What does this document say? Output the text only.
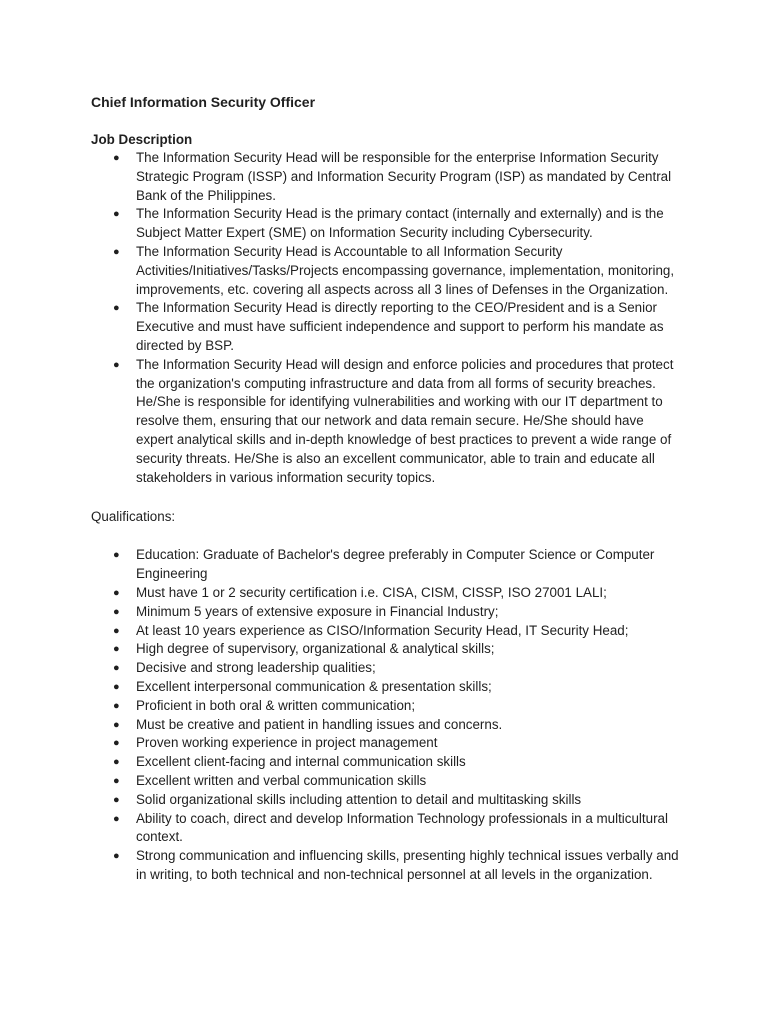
Chief Information Security Officer
Job Description
● The Information Security Head will be responsible for the enterprise Information Security Strategic Program (ISSP) and Information Security Program (ISP) as mandated by Central Bank of the Philippines.
● The Information Security Head is the primary contact (internally and externally) and is the Subject Matter Expert (SME) on Information Security including Cybersecurity.
● The Information Security Head is Accountable to all Information Security Activities/Initiatives/Tasks/Projects encompassing governance, implementation, monitoring, improvements, etc. covering all aspects across all 3 lines of Defenses in the Organization.
● The Information Security Head is directly reporting to the CEO/President and is a Senior Executive and must have sufficient independence and support to perform his mandate as directed by BSP.
● The Information Security Head will design and enforce policies and procedures that protect the organization's computing infrastructure and data from all forms of security breaches. He/She is responsible for identifying vulnerabilities and working with our IT department to resolve them, ensuring that our network and data remain secure. He/She should have expert analytical skills and in-depth knowledge of best practices to prevent a wide range of security threats. He/She is also an excellent communicator, able to train and educate all stakeholders in various information security topics.
Qualifications:
● Education: Graduate of Bachelor's degree preferably in Computer Science or Computer Engineering
● Must have 1 or 2 security certification i.e. CISA, CISM, CISSP, ISO 27001 LALI;
● Minimum 5 years of extensive exposure in Financial Industry;
● At least 10 years experience as CISO/Information Security Head, IT Security Head;
● High degree of supervisory, organizational & analytical skills;
● Decisive and strong leadership qualities;
● Excellent interpersonal communication & presentation skills;
● Proficient in both oral & written communication;
● Must be creative and patient in handling issues and concerns.
● Proven working experience in project management
● Excellent client-facing and internal communication skills
● Excellent written and verbal communication skills
● Solid organizational skills including attention to detail and multitasking skills
● Ability to coach, direct and develop Information Technology professionals in a multicultural context.
● Strong communication and influencing skills, presenting highly technical issues verbally and in writing, to both technical and non-technical personnel at all levels in the organization.
